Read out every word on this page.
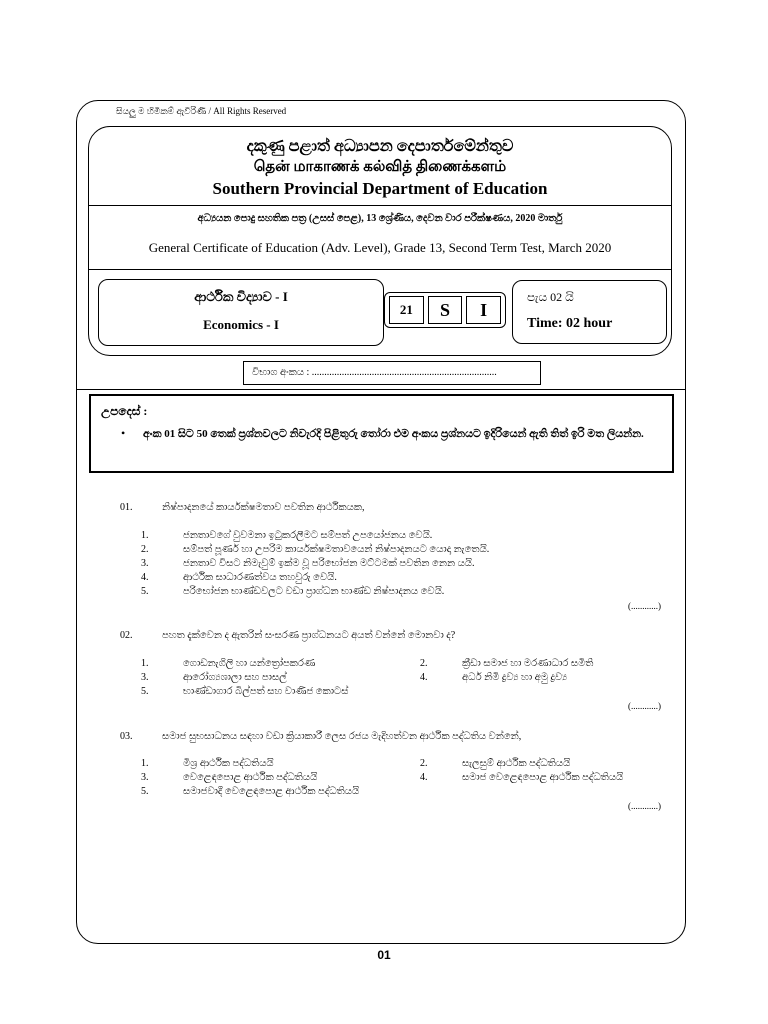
සියලු ම හිමිකම් ඇවිරිණි / All Rights Reserved
දකුණු පළාත් අධ්‍යාපන දෙපාර්තමේන්තුව
தென் மாகாணக் கல்வித் திணைக்களம்
Southern Provincial Department of Education
අධ්‍යයන පොදු සහතික පත්‍ර (උසස් පෙළ), 13 ශ්‍රේණිය, දෙවන වාර පරීක්ෂණය, 2020 මාර්තු
General Certificate of Education (Adv. Level), Grade 13, Second Term Test, March 2020
ආර්ථික විද්‍යාව - I
Economics - I
21	S	I
පැය 02 යි
Time: 02 hour
විභාග අංකය : ..........................................................................
උපදෙස් :
• අංක 01 සිට 50 තෙක් ප්‍රශ්නවලට නිවැරදි පිළිතුරු තෝරා එම අංකය ප්‍රශ්නයට ඉදිරියෙන් ඇති තිත් ඉරි මත ලියන්න.
01.	නිෂ්පාදනයේ කාර්යක්ෂමතාව පවතින ආර්ථිකයක,
1.	ජනතාවගේ වුවමනා ඉටුකරලීමට සම්පත් උපයෝජනය වෙයි.
2.	සම්පත් පූර්ණ හා උපරිම කාර්යක්ෂමතාවයෙන් නිෂ්පාදනයට යොදා නැතෙයි.
3.	ජනතාව විසට නිමැවුම් ඉක්ම වූ පරිභෝජන මට්ටමක් පවතින නෙන යයි.
4.	ආර්ථික සාධාරණත්වය තහවුරු වෙයි.
5.	පරිභෝජන භාණ්ඩවලට වඩා ප්‍රාග්ධන භාණ්ඩ නිෂ්පාදනය වෙයි.
(............)
02.	පහත දැක්වෙන ද ඇතරින් සංසරණ ප්‍රාග්ධනයට අයත් වන්නේ මොනවා ද?
1.	ගොඩනැගිලි හා යන්ත්‍රෝපකරණ	2.	ක්‍රීඩා සමාජ හා මරණාධාර සමිති
3.	ආරෝග්‍යශාලා සහ පාසල්	4.	අර්ධ නිමි ද්‍රව්‍ය හා අමු ද්‍රව්‍ය
5.	භාණ්ඩාගාර බිල්පත් සහ වාණිජ කොටස්
(............)
03.	සමාජ සුභසාධනය සඳහා වඩා ක්‍රියාකාරී ලෙස රජය මැදිහත්වන ආර්ථික පද්ධතිය වන්නේ,
1.	මිශ්‍ර ආර්ථික පද්ධතියයි	2.	සැලසුම් ආර්ථික පද්ධතියයි
3.	වෙළෙඳපොළ ආර්ථික පද්ධතියයි	4.	සමාජ වෙළෙඳපොළ ආර්ථික පද්ධතියයි
5.	සමාජවාදී වෙළෙඳපොළ ආර්ථික පද්ධතියයි
(............)
01
